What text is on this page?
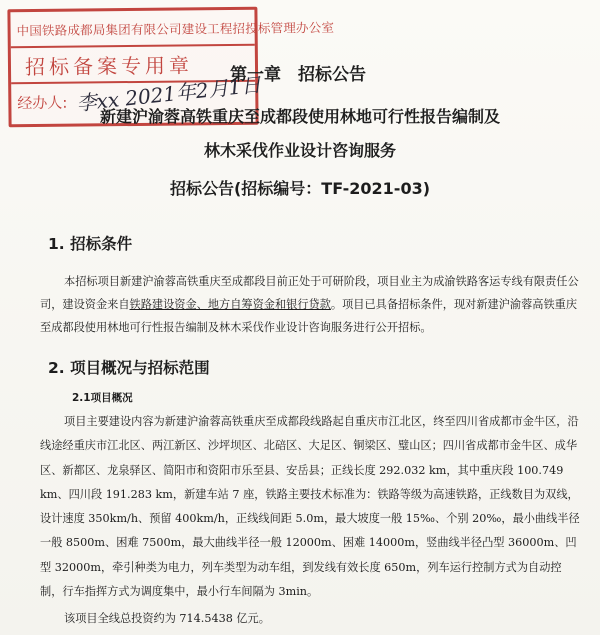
中国铁路成都局集团有限公司建设工程招投标管理办公室
招标备案专用章
经办人: 李xx 2021年2月1日
第一章　招标公告
新建沪渝蓉高铁重庆至成都段使用林地可行性报告编制及
林木采伐作业设计咨询服务
招标公告(招标编号：TF-2021-03)
1. 招标条件
本招标项目新建沪渝蓉高铁重庆至成都段目前正处于可研阶段，项目业主为成渝铁路客运专线有限责任公司，建设资金来自铁路建设资金、地方自筹资金和银行贷款。项目已具备招标条件，现对新建沪渝蓉高铁重庆至成都段使用林地可行性报告编制及林木采伐作业设计咨询服务进行公开招标。
2. 项目概况与招标范围
2.1项目概况
项目主要建设内容为新建沪渝蓉高铁重庆至成都段线路起自重庆市江北区，终至四川省成都市金牛区，沿线途经重庆市江北区、两江新区、沙坪坝区、北碚区、大足区、铜梁区、璧山区；四川省成都市金牛区、成华区、新都区、龙泉驿区、简阳市和资阳市乐至县、安岳县；正线长度 292.032 km，其中重庆段 100.749 km、四川段 191.283 km，新建车站 7 座，铁路主要技术标准为：铁路等级为高速铁路，正线数目为双线，设计速度 350km/h、预留 400km/h，正线线间距 5.0m，最大坡度一般 15‰、个别 20‰，最小曲线半径一般 8500m、困难 7500m，最大曲线半径一般 12000m、困难 14000m，竖曲线半径凸型 36000m、凹型 32000m，牵引种类为电力，列车类型为动车组，到发线有效长度 650m，列车运行控制方式为自动控制，行车指挥方式为调度集中，最小行车间隔为 3min。
该项目全线总投资约为 714.5438 亿元。
